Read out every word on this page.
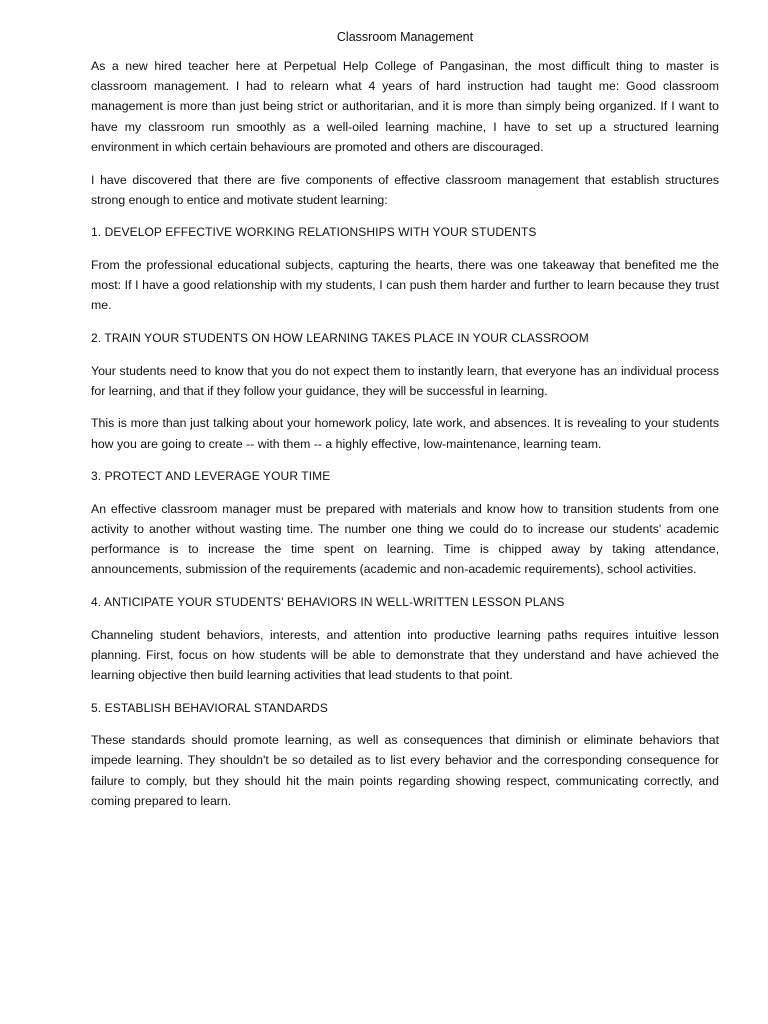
Classroom Management

As a new hired teacher here at Perpetual Help College of Pangasinan, the most difficult thing to master is classroom management. I had to relearn what 4 years of hard instruction had taught me: Good classroom management is more than just being strict or authoritarian, and it is more than simply being organized. If I want to have my classroom run smoothly as a well-oiled learning machine, I have to set up a structured learning environment in which certain behaviours are promoted and others are discouraged.

I have discovered that there are five components of effective classroom management that establish structures strong enough to entice and motivate student learning:

1. DEVELOP EFFECTIVE WORKING RELATIONSHIPS WITH YOUR STUDENTS

From the professional educational subjects, capturing the hearts, there was one takeaway that benefited me the most: If I have a good relationship with my students, I can push them harder and further to learn because they trust me.

2. TRAIN YOUR STUDENTS ON HOW LEARNING TAKES PLACE IN YOUR CLASSROOM

Your students need to know that you do not expect them to instantly learn, that everyone has an individual process for learning, and that if they follow your guidance, they will be successful in learning.

This is more than just talking about your homework policy, late work, and absences. It is revealing to your students how you are going to create -- with them -- a highly effective, low-maintenance, learning team.

3. PROTECT AND LEVERAGE YOUR TIME

An effective classroom manager must be prepared with materials and know how to transition students from one activity to another without wasting time. The number one thing we could do to increase our students' academic performance is to increase the time spent on learning. Time is chipped away by taking attendance, announcements, submission of the requirements (academic and non-academic requirements), school activities.

4. ANTICIPATE YOUR STUDENTS' BEHAVIORS IN WELL-WRITTEN LESSON PLANS

Channeling student behaviors, interests, and attention into productive learning paths requires intuitive lesson planning. First, focus on how students will be able to demonstrate that they understand and have achieved the learning objective then build learning activities that lead students to that point.

5. ESTABLISH BEHAVIORAL STANDARDS

These standards should promote learning, as well as consequences that diminish or eliminate behaviors that impede learning. They shouldn't be so detailed as to list every behavior and the corresponding consequence for failure to comply, but they should hit the main points regarding showing respect, communicating correctly, and coming prepared to learn.
